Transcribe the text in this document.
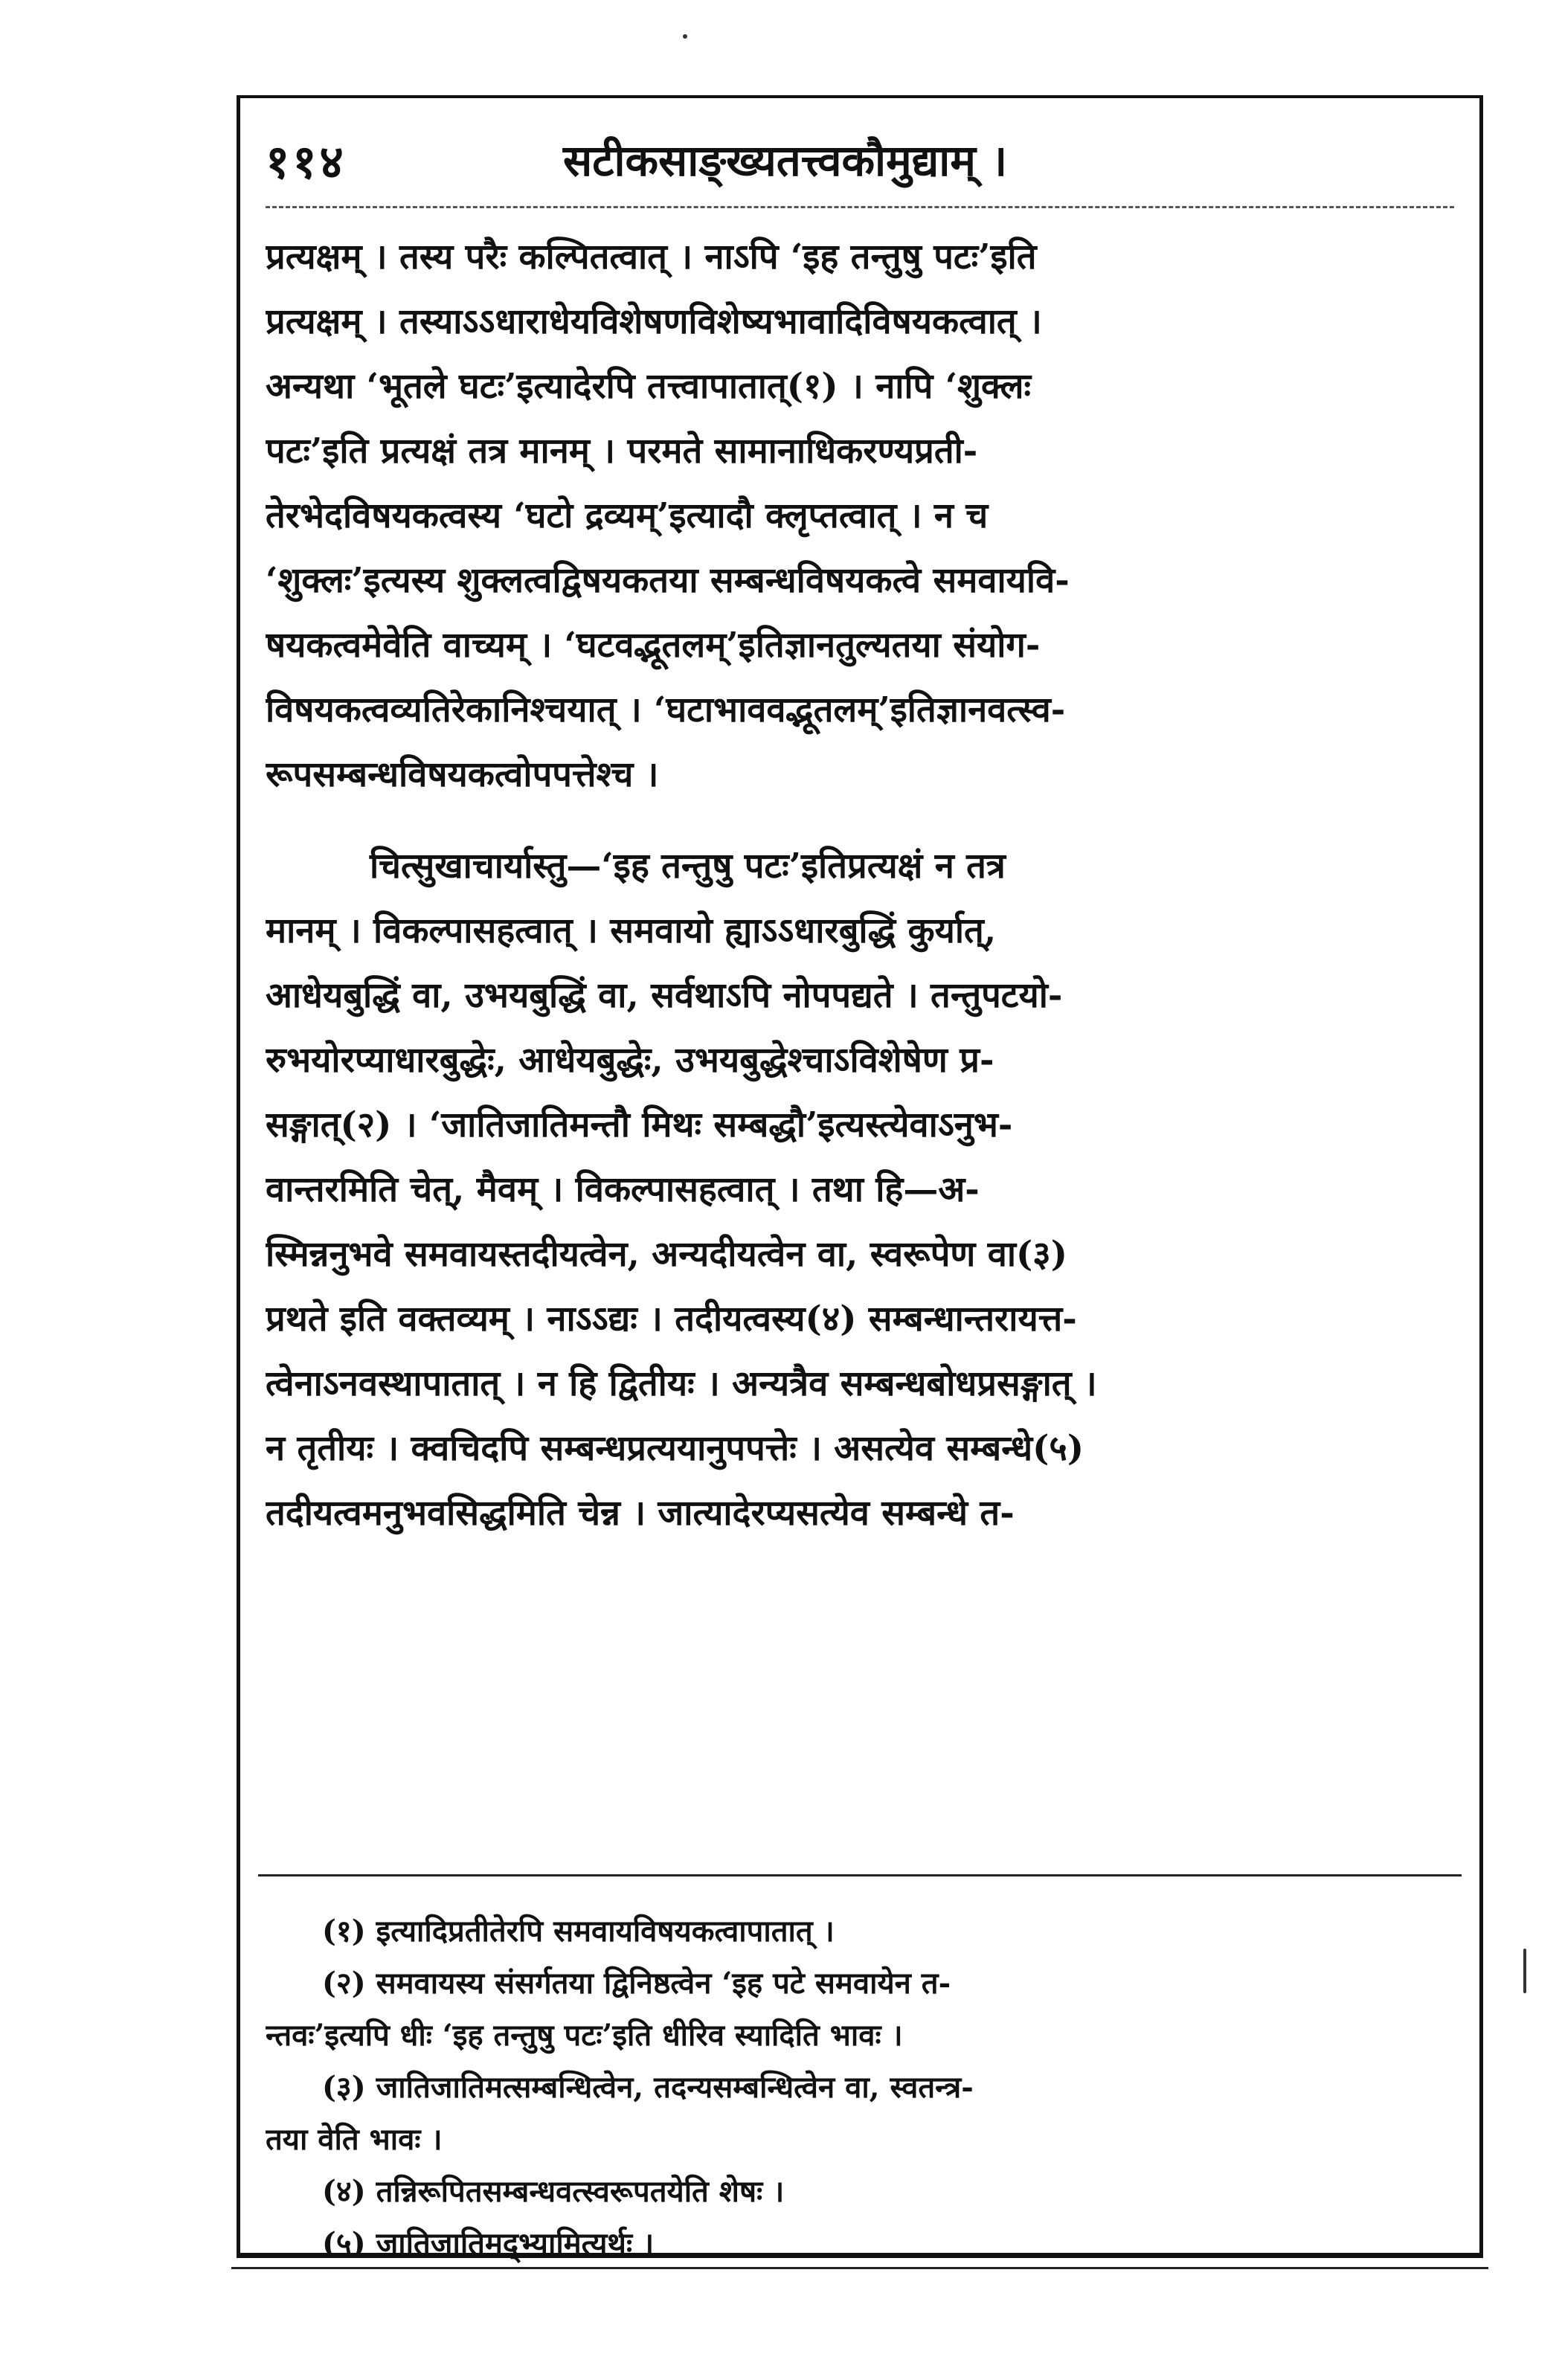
११४	सटीकसाङ्ख्यतत्त्वकौमुद्याम् ।
प्रत्यक्षम् । तस्य परैः कल्पितत्वात् । नाऽपि ‘इह तन्तुषु पटः’इति
प्रत्यक्षम् । तस्याऽऽधाराधेयविशेषणविशेष्यभावादिविषयकत्वात् ।
अन्यथा ‘भूतले घटः’इत्यादेरपि तत्त्वापातात्(१) । नापि ‘शुक्लः
पटः’इति प्रत्यक्षं तत्र मानम् । परमते सामानाधिकरण्यप्रती-
तेरभेदविषयकत्वस्य ‘घटो द्रव्यम्’इत्यादौ क्लृप्तत्वात् । न च
‘शुक्लः’इत्यस्य शुक्लत्वद्विषयकतया सम्बन्धविषयकत्वे समवायवि-
षयकत्वमेवेति वाच्यम् । ‘घटवद्भूतलम्’इतिज्ञानतुल्यतया संयोग-
विषयकत्वव्यतिरेकानिश्चयात् । ‘घटाभाववद्भूतलम्’इतिज्ञानवत्स्व-
रूपसम्बन्धविषयकत्वोपपत्तेश्च ।
चित्सुखाचार्यास्तु—‘इह तन्तुषु पटः’इतिप्रत्यक्षं न तत्र
मानम् । विकल्पासहत्वात् । समवायो ह्याऽऽधारबुद्धिं कुर्यात्,
आधेयबुद्धिं वा, उभयबुद्धिं वा, सर्वथाऽपि नोपपद्यते । तन्तुपटयो-
रुभयोरप्याधारबुद्धेः, आधेयबुद्धेः, उभयबुद्धेश्चाऽविशेषेण प्र-
सङ्गात्(२) । ‘जातिजातिमन्तौ मिथः सम्बद्धौ’इत्यस्त्येवाऽनुभ-
वान्तरमिति चेत्, मैवम् । विकल्पासहत्वात् । तथा हि—अ-
स्मिन्ननुभवे समवायस्तदीयत्वेन, अन्यदीयत्वेन वा, स्वरूपेण वा(३)
प्रथते इति वक्तव्यम् । नाऽऽद्यः । तदीयत्वस्य(४) सम्बन्धान्तरायत्त-
त्वेनाऽनवस्थापातात् । न हि द्वितीयः । अन्यत्रैव सम्बन्धबोधप्रसङ्गात् ।
न तृतीयः । क्वचिदपि सम्बन्धप्रत्ययानुपपत्तेः । असत्येव सम्बन्धे(५)
तदीयत्वमनुभवसिद्धमिति चेन्न । जात्यादेरप्यसत्येव सम्बन्धे त-
(१) इत्यादिप्रतीतेरपि समवायविषयकत्वापातात् ।
(२) समवायस्य संसर्गतया द्विनिष्ठत्वेन ‘इह पटे समवायेन त-
न्तवः’इत्यपि धीः ‘इह तन्तुषु पटः’इति धीरिव स्यादिति भावः ।
(३) जातिजातिमत्सम्बन्धित्वेन, तदन्यसम्बन्धित्वेन वा, स्वतन्त्र-
तया वेति भावः ।
(४) तन्निरूपितसम्बन्धवत्स्वरूपतयेति शेषः ।
(५) जातिजातिमद्भ्यामित्यर्थः ।
